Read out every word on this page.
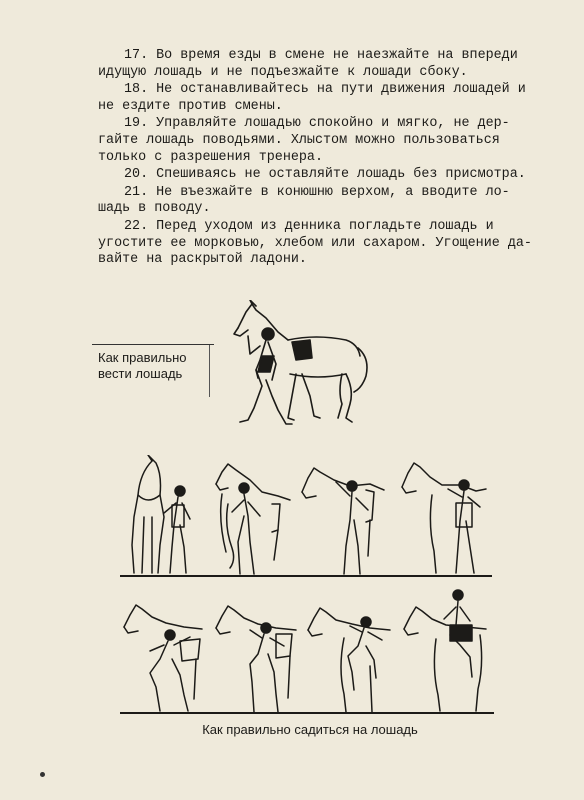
17. Во время езды в смене не наезжайте на впереди идущую лошадь и не подъезжайте к лошади сбоку.

18. Не останавливайтесь на пути движения лошадей и не ездите против смены.

19. Управляйте лошадью спокойно и мягко, не дер- гайте лошадь поводьями. Хлыстом можно пользоваться только с разрешения тренера.

20. Спешиваясь не оставляйте лошадь без присмотра.

21. Не въезжайте в конюшню верхом, а вводите ло- шадь в поводу.

22. Перед уходом из денника погладьте лошадь и угостите ее морковью, хлебом или сахаром. Угощение да- вайте на раскрытой ладони.

Как правильно
вести лошадь
Как правильно садиться на лошадь
